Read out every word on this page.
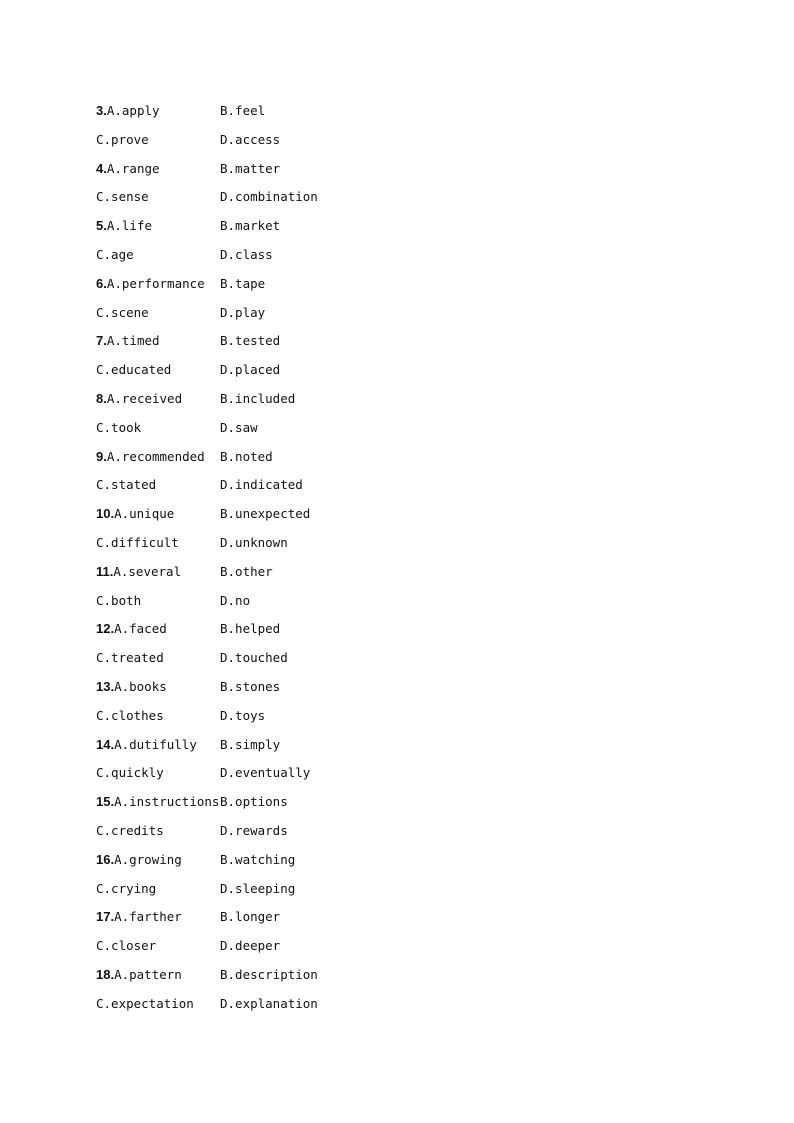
3.A.apply	B.feel
C.prove	D.access
4.A.range	B.matter
C.sense	D.combination
5.A.life	B.market
C.age	D.class
6.A.performance B.tape
C.scene	D.play
7.A.timed	B.tested
C.educated	D.placed
8.A.received	B.included
C.took	D.saw
9.A.recommended B.noted
C.stated	D.indicated
10.A.unique	B.unexpected
C.difficult	D.unknown
11.A.several	B.other
C.both	D.no
12.A.faced	B.helped
C.treated	D.touched
13.A.books	B.stones
C.clothes	D.toys
14.A.dutifully B.simply
C.quickly	D.eventually
15.A.instructions B.options
C.credits	D.rewards
16.A.growing	B.watching
C.crying	D.sleeping
17.A.farther	B.longer
C.closer	D.deeper
18.A.pattern	B.description
C.expectation D.explanation
